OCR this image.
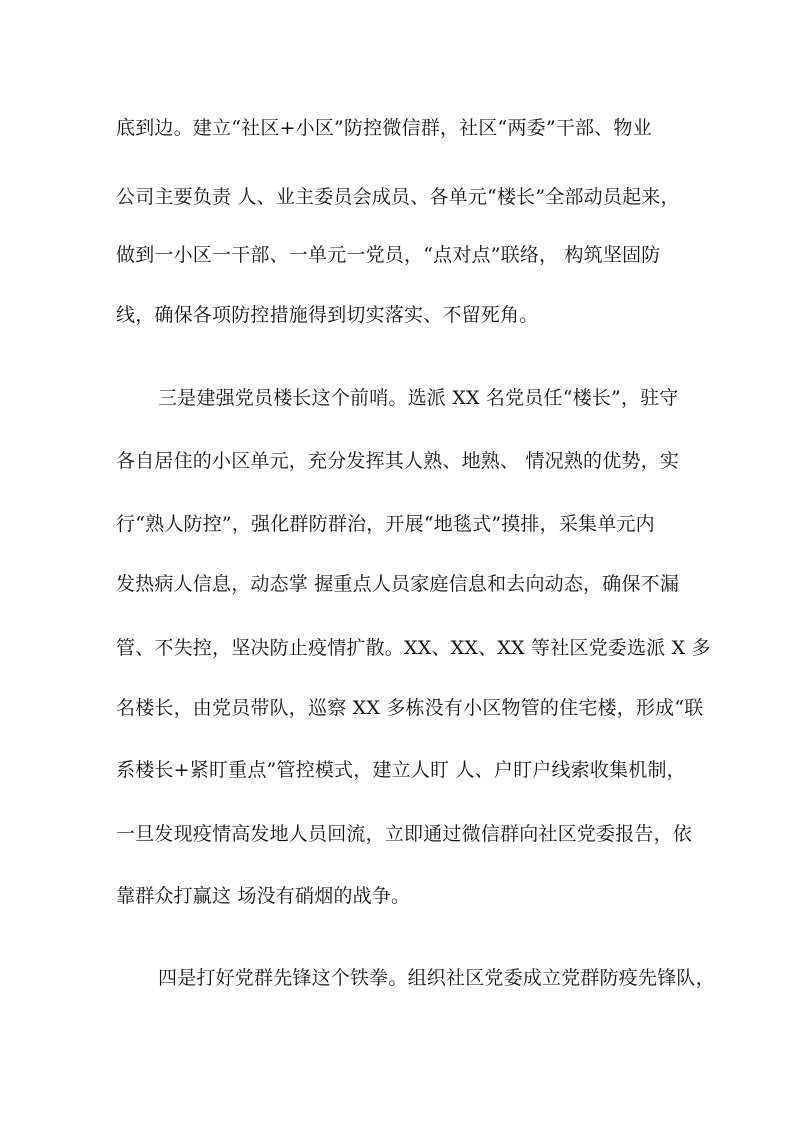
底到边。建立“社区+小区”防控微信群，社区“两委”干部、物业
公司主要负责 人、业主委员会成员、各单元“楼长”全部动员起来，
做到一小区一干部、一单元一党员，“点对点”联络， 构筑坚固防
线，确保各项防控措施得到切实落实、不留死角。
三是建强党员楼长这个前哨。选派 XX 名党员任“楼长”，驻守
各自居住的小区单元，充分发挥其人熟、地熟、 情况熟的优势，实
行“熟人防控”，强化群防群治，开展“地毯式”摸排，采集单元内
发热病人信息，动态掌 握重点人员家庭信息和去向动态，确保不漏
管、不失控，坚决防止疫情扩散。XX、XX、XX 等社区党委选派 X 多
名楼长，由党员带队，巡察 XX 多栋没有小区物管的住宅楼，形成“联
系楼长+紧盯重点”管控模式，建立人盯 人、户盯户线索收集机制，
一旦发现疫情高发地人员回流，立即通过微信群向社区党委报告，依
靠群众打赢这 场没有硝烟的战争。
四是打好党群先锋这个铁拳。组织社区党委成立党群防疫先锋队，
